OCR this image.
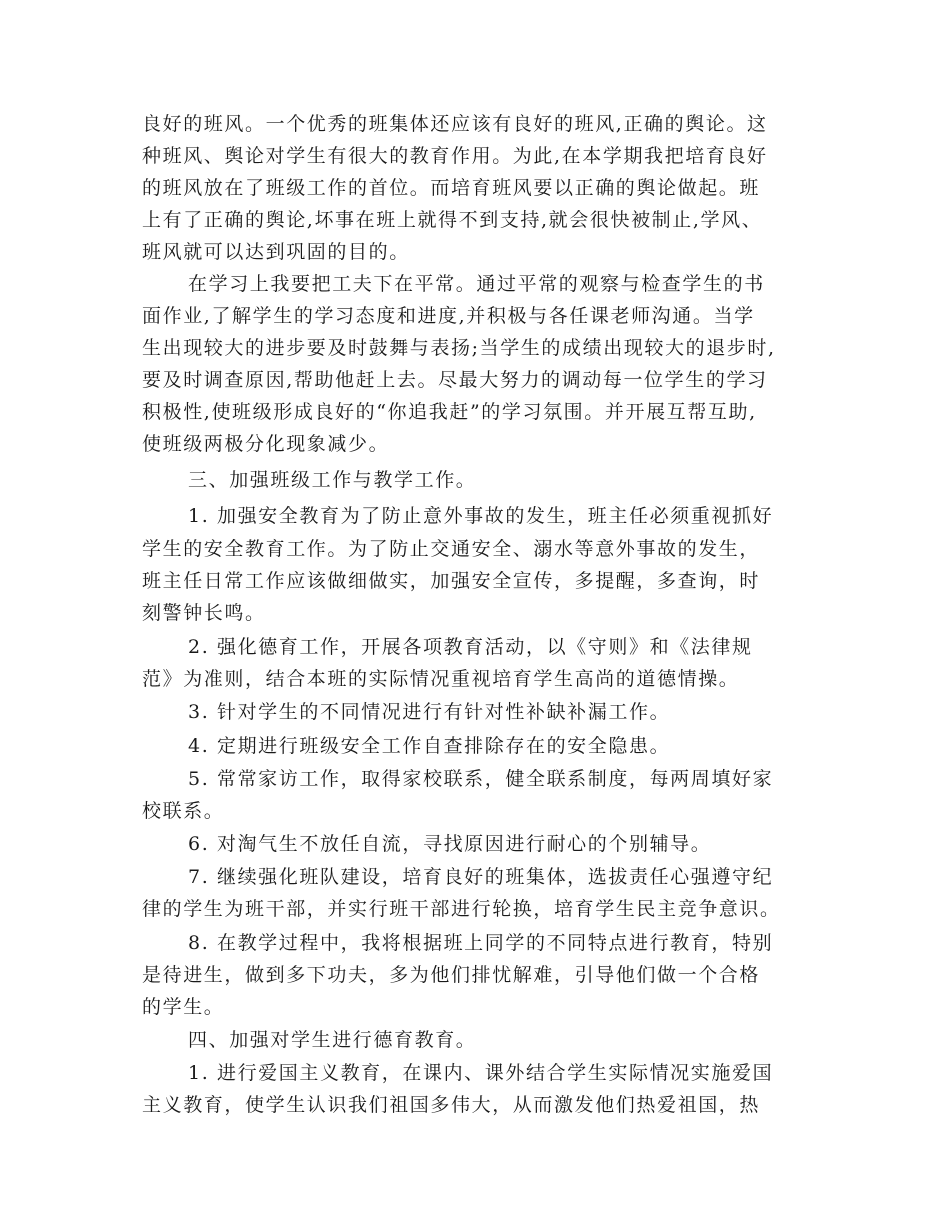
良好的班风。一个优秀的班集体还应该有良好的班风,正确的舆论。这
种班风、舆论对学生有很大的教育作用。为此,在本学期我把培育良好
的班风放在了班级工作的首位。而培育班风要以正确的舆论做起。班
上有了正确的舆论,坏事在班上就得不到支持,就会很快被制止,学风、
班风就可以达到巩固的目的。
在学习上我要把工夫下在平常。通过平常的观察与检查学生的书
面作业,了解学生的学习态度和进度,并积极与各任课老师沟通。当学
生出现较大的进步要及时鼓舞与表扬;当学生的成绩出现较大的退步时,
要及时调查原因,帮助他赶上去。尽最大努力的调动每一位学生的学习
积极性,使班级形成良好的“你追我赶”的学习氛围。并开展互帮互助,
使班级两极分化现象减少。
三、加强班级工作与教学工作。
1. 加强安全教育为了防止意外事故的发生，班主任必须重视抓好
学生的安全教育工作。为了防止交通安全、溺水等意外事故的发生，
班主任日常工作应该做细做实，加强安全宣传，多提醒，多查询，时
刻警钟长鸣。
2. 强化德育工作，开展各项教育活动，以《守则》和《法律规
范》为准则，结合本班的实际情况重视培育学生高尚的道德情操。
3. 针对学生的不同情况进行有针对性补缺补漏工作。
4. 定期进行班级安全工作自查排除存在的安全隐患。
5. 常常家访工作，取得家校联系，健全联系制度，每两周填好家
校联系。
6. 对淘气生不放任自流，寻找原因进行耐心的个别辅导。
7. 继续强化班队建设，培育良好的班集体，选拔责任心强遵守纪
律的学生为班干部，并实行班干部进行轮换，培育学生民主竞争意识。
8. 在教学过程中，我将根据班上同学的不同特点进行教育，特别
是待进生，做到多下功夫，多为他们排忧解难，引导他们做一个合格
的学生。
四、加强对学生进行德育教育。
1. 进行爱国主义教育，在课内、课外结合学生实际情况实施爱国
主义教育，使学生认识我们祖国多伟大，从而激发他们热爱祖国，热
